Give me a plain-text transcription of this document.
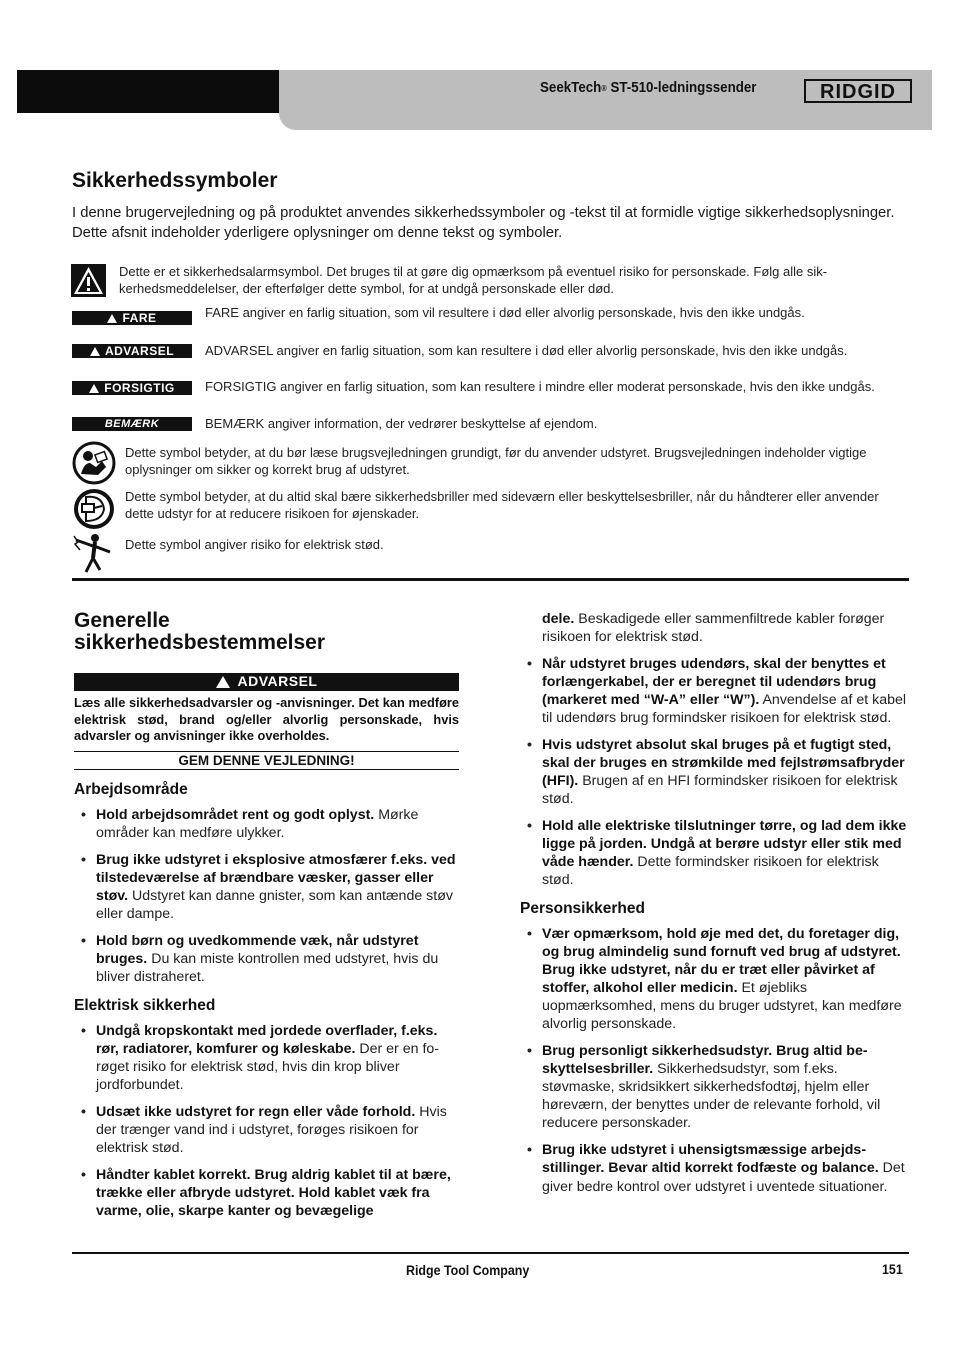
SeekTech® ST-510-ledningssender	RIDGID
Sikkerhedssymboler
I denne brugervejledning og på produktet anvendes sikkerhedssymboler og -tekst til at formidle vigtige sikkerhedsoplysninger. Dette afsnit indeholder yderligere oplysninger om denne tekst og symboler.
Dette er et sikkerhedsalarmsymbol. Det bruges til at gøre dig opmærksom på eventuel risiko for personskade. Følg alle sikkerhedsmeddelelser, der efterfølger dette symbol, for at undgå personskade eller død.
FARE	FARE angiver en farlig situation, som vil resultere i død eller alvorlig personskade, hvis den ikke undgås.
ADVARSEL ADVARSEL angiver en farlig situation, som kan resultere i død eller alvorlig personskade, hvis den ikke undgås.
FORSIGTIG FORSIGTIG angiver en farlig situation, som kan resultere i mindre eller moderat personskade, hvis den ikke undgås.
BEMÆRK	BEMÆRK angiver information, der vedrører beskyttelse af ejendom.
Dette symbol betyder, at du bør læse brugsvejledningen grundigt, før du anvender udstyret. Brugsvejledningen indeholder vigtige oplysninger om sikker og korrekt brug af udstyret.
Dette symbol betyder, at du altid skal bære sikkerhedsbriller med sideværn eller beskyttelsesbriller, når du håndterer eller anvender dette udstyr for at reducere risikoen for øjenskader.
Dette symbol angiver risiko for elektrisk stød.
Generelle
sikkerhedsbestemmelser
ADVARSEL
Læs alle sikkerhedsadvarsler og -anvisninger. Det kan medføre elektrisk stød, brand og/eller alvorlig personskade, hvis advarsler og anvisninger ikke overholdes.
GEM DENNE VEJLEDNING!
Arbejdsområde
• Hold arbejdsområdet rent og godt oplyst. Mørke områder kan medføre ulykker.
• Brug ikke udstyret i eksplosive atmosfærer f.eks. ved tilstedeværelse af brændbare væsker, gasser eller støv. Udstyret kan danne gnister, som kan antænde støv eller dampe.
• Hold børn og uvedkommende væk, når udstyret bruges. Du kan miste kontrollen med udstyret, hvis du bliver distraheret.
Elektrisk sikkerhed
• Undgå kropskontakt med jordede overflader, f.eks. rør, radiatorer, komfurer og køleskabe. Der er en forøget risiko for elektrisk stød, hvis din krop bliver jordforbundet.
• Udsæt ikke udstyret for regn eller våde forhold. Hvis der trænger vand ind i udstyret, forøges risikoen for elektrisk stød.
• Håndter kablet korrekt. Brug aldrig kablet til at bære, trække eller afbryde udstyret. Hold kablet væk fra varme, olie, skarpe kanter og bevægelige
dele. Beskadigede eller sammenfiltrede kabler forøger risikoen for elektrisk stød.
• Når udstyret bruges udendørs, skal der benyttes et forlængerkabel, der er beregnet til udendørs brug (markeret med “W-A” eller “W”). Anvendelse af et kabel til udendørs brug formindsker risikoen for elektrisk stød.
• Hvis udstyret absolut skal bruges på et fugtigt sted, skal der bruges en strømkilde med fejlstrømsafbryder (HFI). Brugen af en HFI formindsker risikoen for elektrisk stød.
• Hold alle elektriske tilslutninger tørre, og lad dem ikke ligge på jorden. Undgå at berøre udstyr eller stik med våde hænder. Dette formindsker risikoen for elektrisk stød.
Personsikkerhed
• Vær opmærksom, hold øje med det, du foretager dig, og brug almindelig sund fornuft ved brug af udstyret. Brug ikke udstyret, når du er træt eller påvirket af stoffer, alkohol eller medicin. Et øjebliks uopmærksomhed, mens du bruger udstyret, kan medføre alvorlig personskade.
• Brug personligt sikkerhedsudstyr. Brug altid beskyttelsesbriller. Sikkerhedsudstyr, som f.eks. støvmaske, skridsikkert sikkerhedsfodtøj, hjelm eller høreværn, der benyttes under de relevante forhold, vil reducere personskader.
• Brug ikke udstyret i uhensigtsmæssige arbejdsstillinger. Bevar altid korrekt fodfæste og balance. Det giver bedre kontrol over udstyret i uventede situationer.
Ridge Tool Company	151
